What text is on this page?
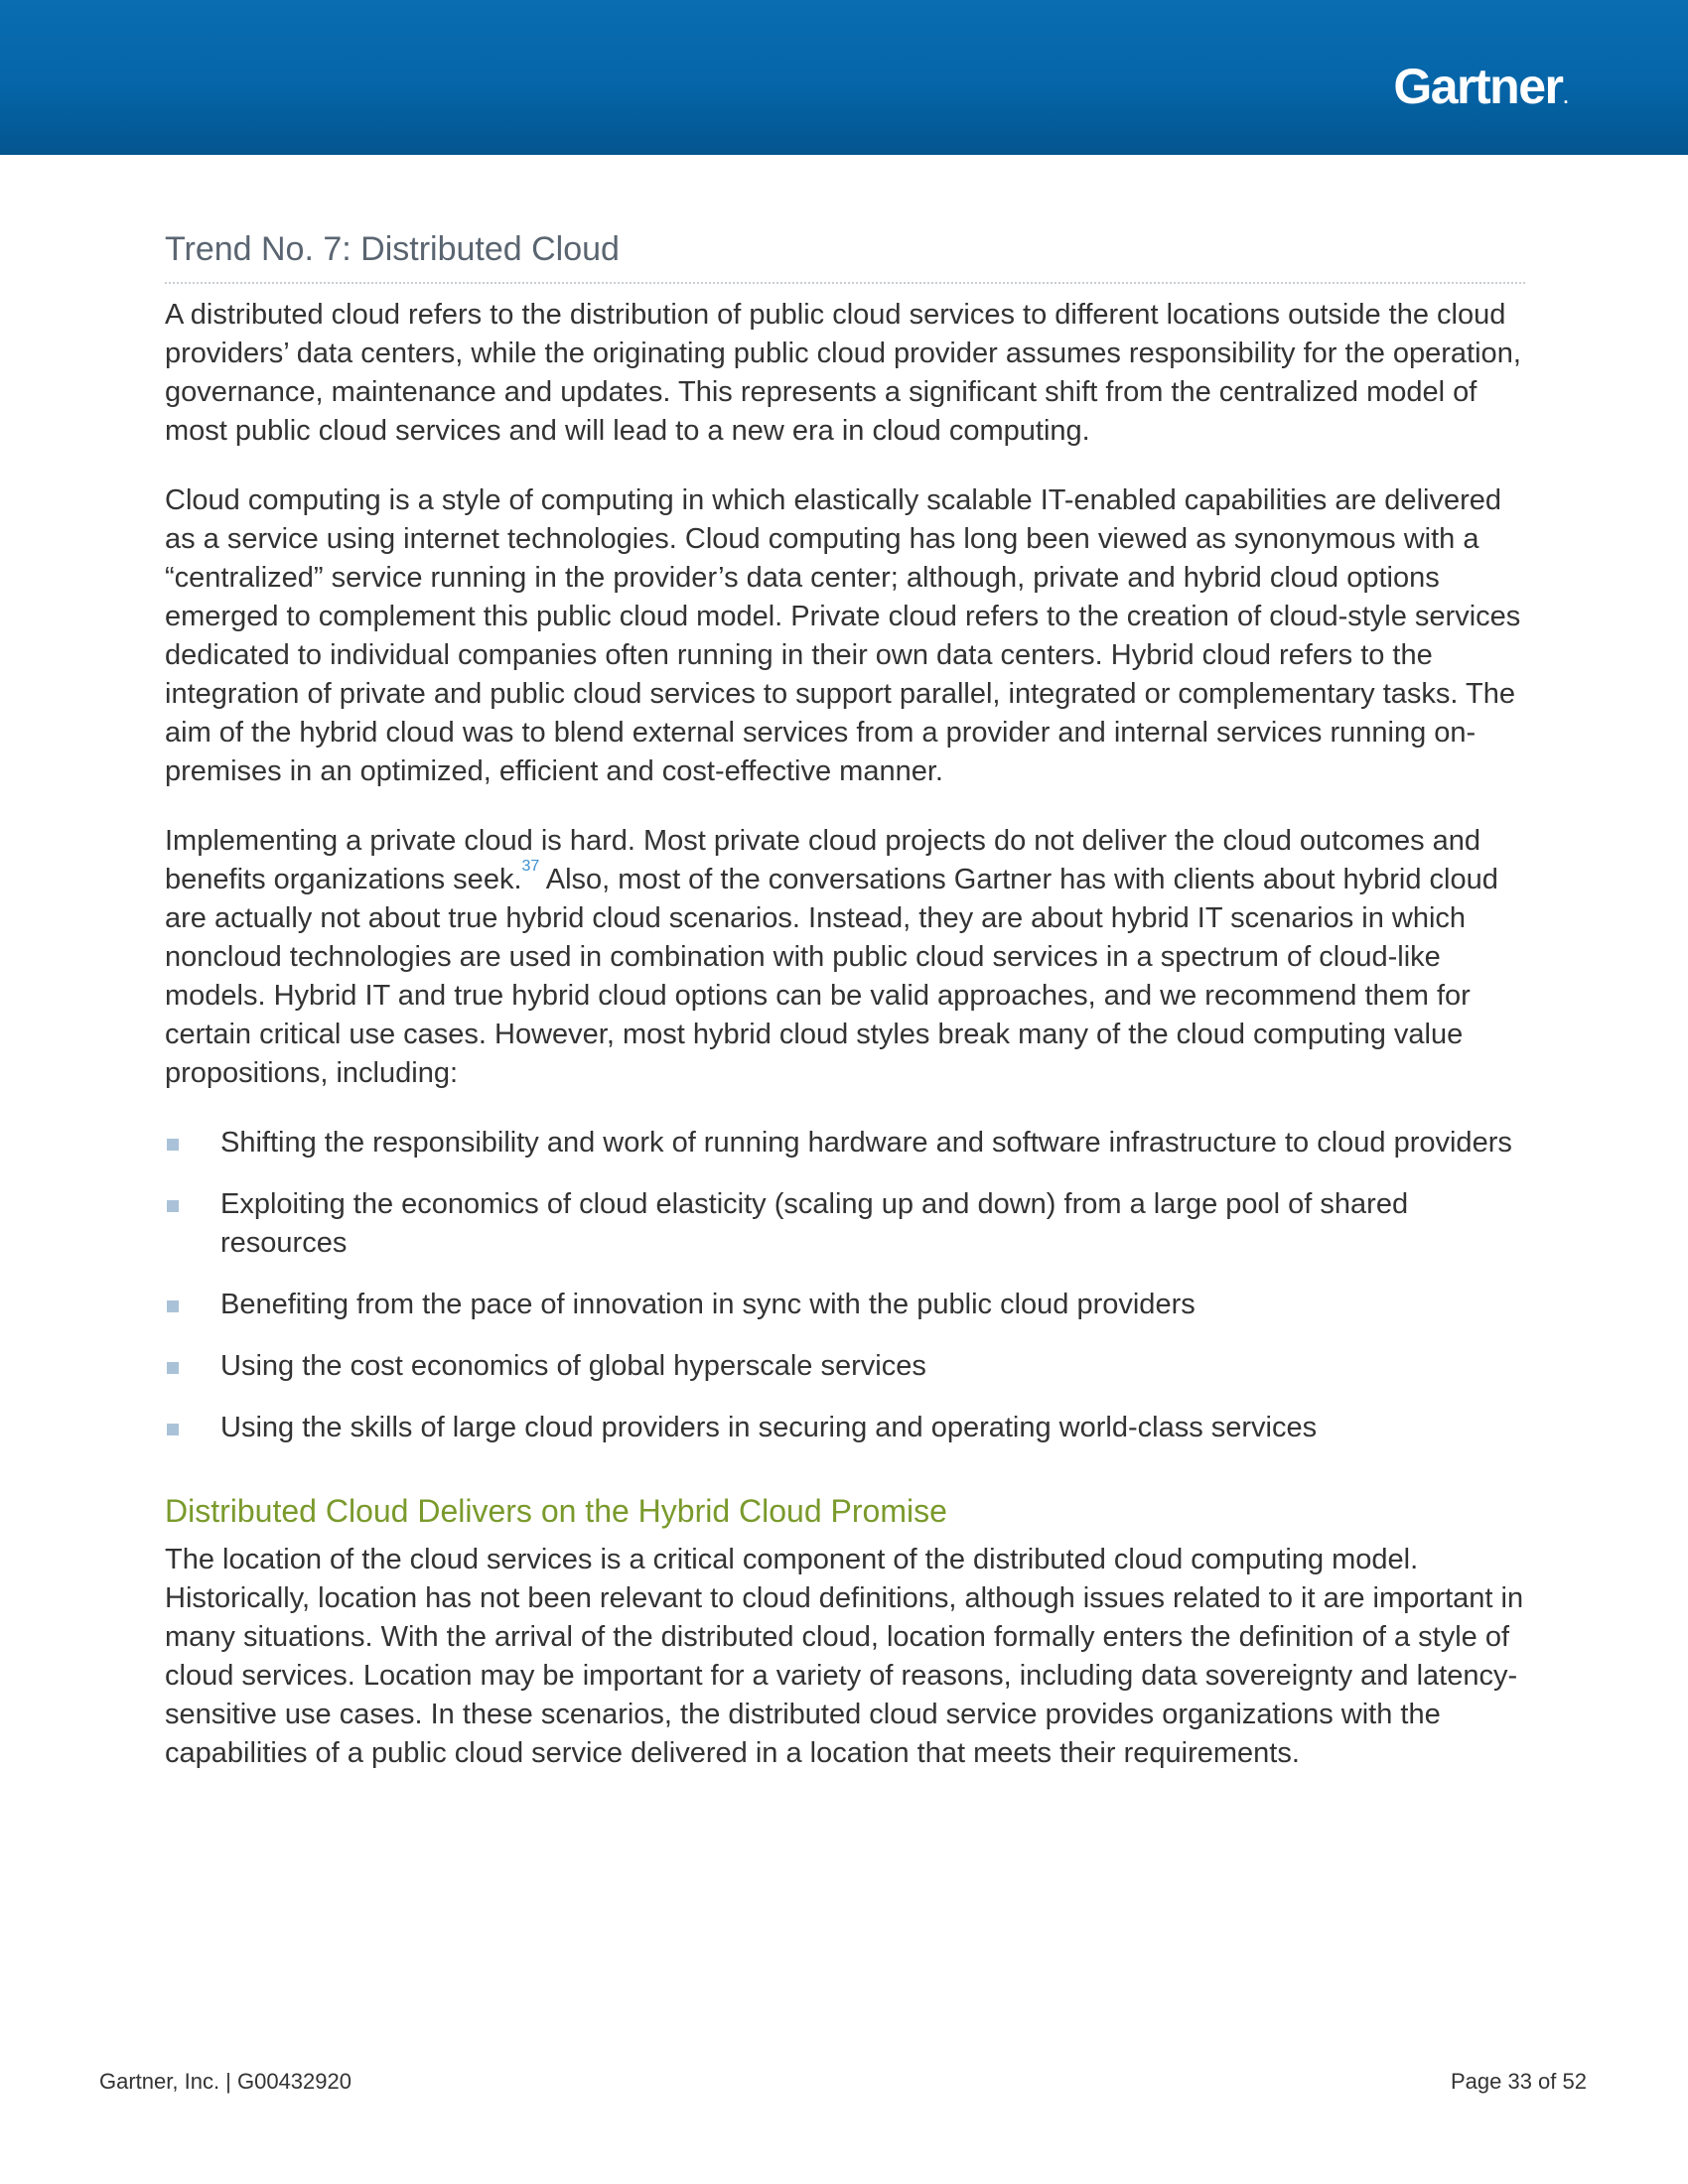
Gartner.
Trend No. 7: Distributed Cloud

A distributed cloud refers to the distribution of public cloud services to different locations outside the cloud providers’ data centers, while the originating public cloud provider assumes responsibility for the operation, governance, maintenance and updates. This represents a significant shift from the centralized model of most public cloud services and will lead to a new era in cloud computing.

Cloud computing is a style of computing in which elastically scalable IT-enabled capabilities are delivered as a service using internet technologies. Cloud computing has long been viewed as synonymous with a “centralized” service running in the provider’s data center; although, private and hybrid cloud options emerged to complement this public cloud model. Private cloud refers to the creation of cloud-style services dedicated to individual companies often running in their own data centers. Hybrid cloud refers to the integration of private and public cloud services to support parallel, integrated or complementary tasks. The aim of the hybrid cloud was to blend external services from a provider and internal services running on-premises in an optimized, efficient and cost-effective manner.

Implementing a private cloud is hard. Most private cloud projects do not deliver the cloud outcomes and benefits organizations seek.$^{37}$ Also, most of the conversations Gartner has with clients about hybrid cloud are actually not about true hybrid cloud scenarios. Instead, they are about hybrid IT scenarios in which noncloud technologies are used in combination with public cloud services in a spectrum of cloud-like models. Hybrid IT and true hybrid cloud options can be valid approaches, and we recommend them for certain critical use cases. However, most hybrid cloud styles break many of the cloud computing value propositions, including:

Shifting the responsibility and work of running hardware and software infrastructure to cloud providers
Exploiting the economics of cloud elasticity (scaling up and down) from a large pool of shared resources
Benefiting from the pace of innovation in sync with the public cloud providers
Using the cost economics of global hyperscale services
Using the skills of large cloud providers in securing and operating world-class services
Distributed Cloud Delivers on the Hybrid Cloud Promise

The location of the cloud services is a critical component of the distributed cloud computing model. Historically, location has not been relevant to cloud definitions, although issues related to it are important in many situations. With the arrival of the distributed cloud, location formally enters the definition of a style of cloud services. Location may be important for a variety of reasons, including data sovereignty and latency-sensitive use cases. In these scenarios, the distributed cloud service provides organizations with the capabilities of a public cloud service delivered in a location that meets their requirements.

Gartner, Inc. | G00432920	Page 33 of 52
